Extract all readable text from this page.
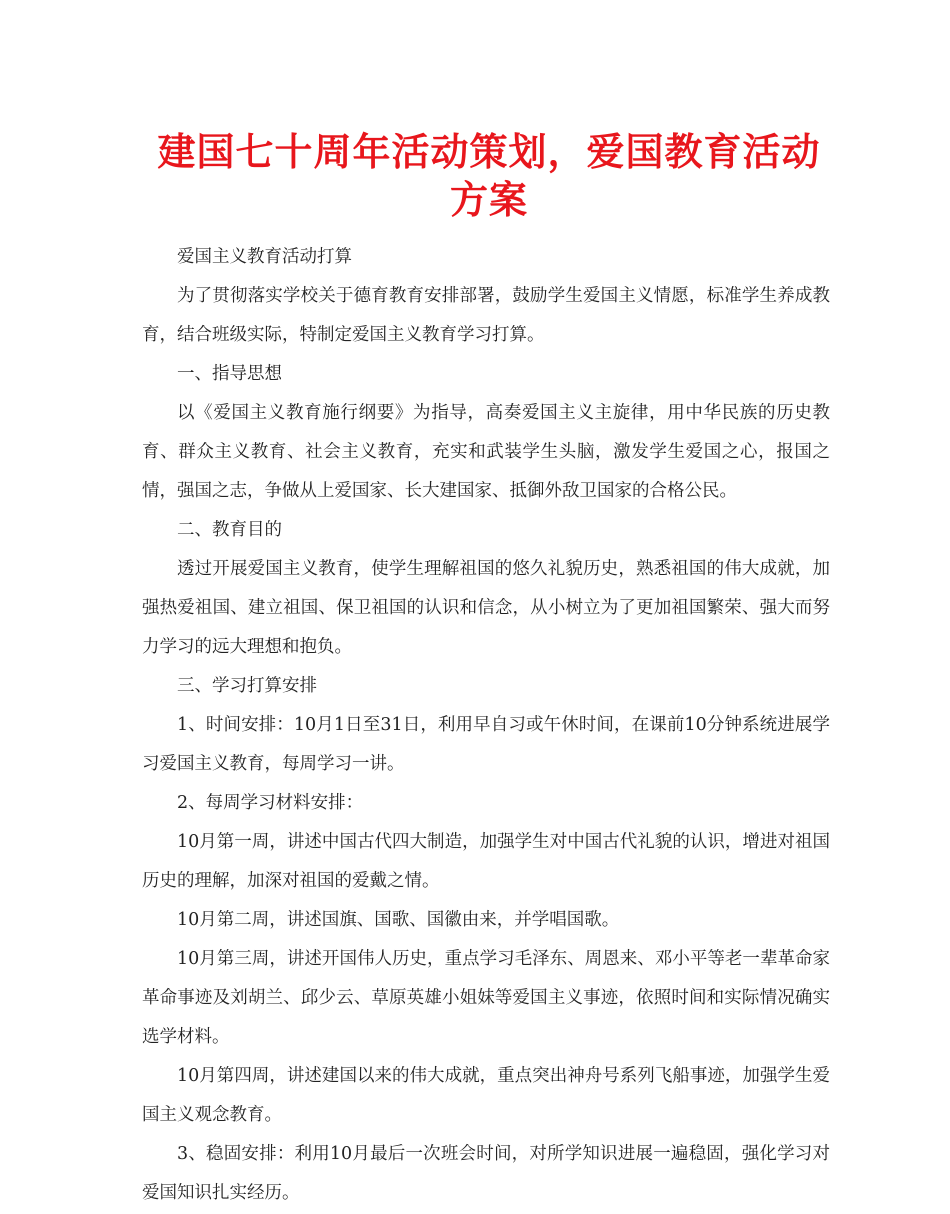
建国七十周年活动策划，爱国教育活动方案

爱国主义教育活动打算

为了贯彻落实学校关于德育教育安排部署，鼓励学生爱国主义情愿，标准学生养成教育，结合班级实际，特制定爱国主义教育学习打算。

一、指导思想

以《爱国主义教育施行纲要》为指导，高奏爱国主义主旋律，用中华民族的历史教育、群众主义教育、社会主义教育，充实和武装学生头脑，激发学生爱国之心，报国之情，强国之志，争做从上爱国家、长大建国家、抵御外敌卫国家的合格公民。

二、教育目的

透过开展爱国主义教育，使学生理解祖国的悠久礼貌历史，熟悉祖国的伟大成就，加强热爱祖国、建立祖国、保卫祖国的认识和信念，从小树立为了更加祖国繁荣、强大而努力学习的远大理想和抱负。

三、学习打算安排

1、时间安排：10月1日至31日，利用早自习或午休时间，在课前10分钟系统进展学习爱国主义教育，每周学习一讲。

2、每周学习材料安排：

10月第一周，讲述中国古代四大制造，加强学生对中国古代礼貌的认识，增进对祖国历史的理解，加深对祖国的爱戴之情。

10月第二周，讲述国旗、国歌、国徽由来，并学唱国歌。

10月第三周，讲述开国伟人历史，重点学习毛泽东、周恩来、邓小平等老一辈革命家革命事迹及刘胡兰、邱少云、草原英雄小姐妹等爱国主义事迹，依照时间和实际情况确实选学材料。

10月第四周，讲述建国以来的伟大成就，重点突出神舟号系列飞船事迹，加强学生爱国主义观念教育。

3、稳固安排：利用10月最后一次班会时间，对所学知识进展一遍稳固，强化学习对爱国知识扎实经历。
